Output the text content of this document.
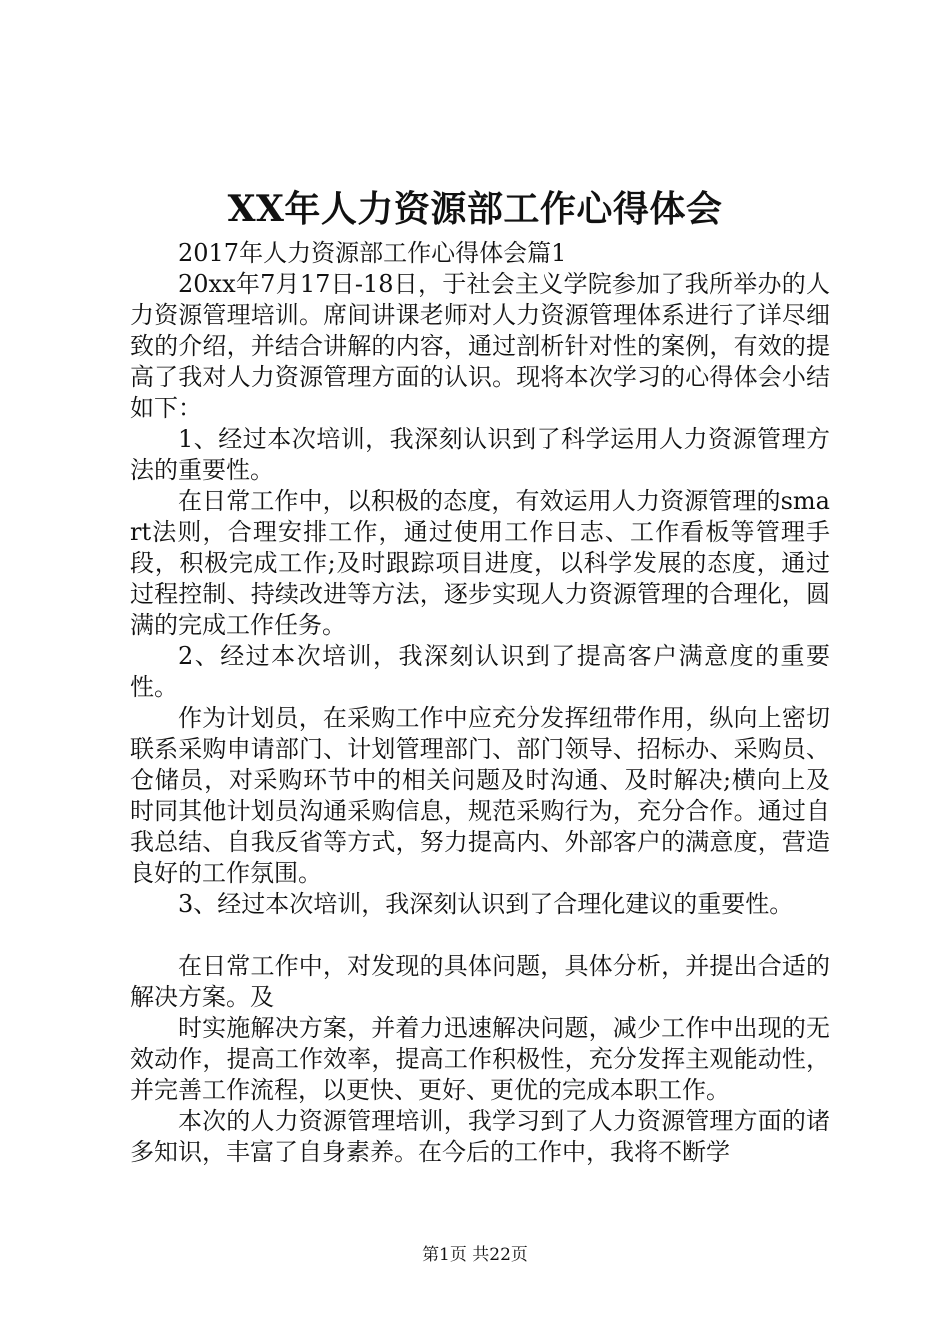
XX年人力资源部工作心得体会

2017年人力资源部工作心得体会篇1

20xx年7月17日-18日，于社会主义学院参加了我所举办的人力资源管理培训。席间讲课老师对人力资源管理体系进行了详尽细致的介绍，并结合讲解的内容，通过剖析针对性的案例，有效的提高了我对人力资源管理方面的认识。现将本次学习的心得体会小结如下：

1、经过本次培训，我深刻认识到了科学运用人力资源管理方法的重要性。

在日常工作中，以积极的态度，有效运用人力资源管理的smart法则，合理安排工作，通过使用工作日志、工作看板等管理手段，积极完成工作;及时跟踪项目进度，以科学发展的态度，通过过程控制、持续改进等方法，逐步实现人力资源管理的合理化，圆满的完成工作任务。

2、经过本次培训，我深刻认识到了提高客户满意度的重要性。

作为计划员，在采购工作中应充分发挥纽带作用，纵向上密切联系采购申请部门、计划管理部门、部门领导、招标办、采购员、仓储员，对采购环节中的相关问题及时沟通、及时解决;横向上及时同其他计划员沟通采购信息，规范采购行为，充分合作。通过自我总结、自我反省等方式，努力提高内、外部客户的满意度，营造良好的工作氛围。

3、经过本次培训，我深刻认识到了合理化建议的重要性。

在日常工作中，对发现的具体问题，具体分析，并提出合适的解决方案。及

时实施解决方案，并着力迅速解决问题，减少工作中出现的无效动作，提高工作效率，提高工作积极性，充分发挥主观能动性，并完善工作流程，以更快、更好、更优的完成本职工作。

本次的人力资源管理培训，我学习到了人力资源管理方面的诸多知识，丰富了自身素养。在今后的工作中，我将不断学

第1页 共22页
